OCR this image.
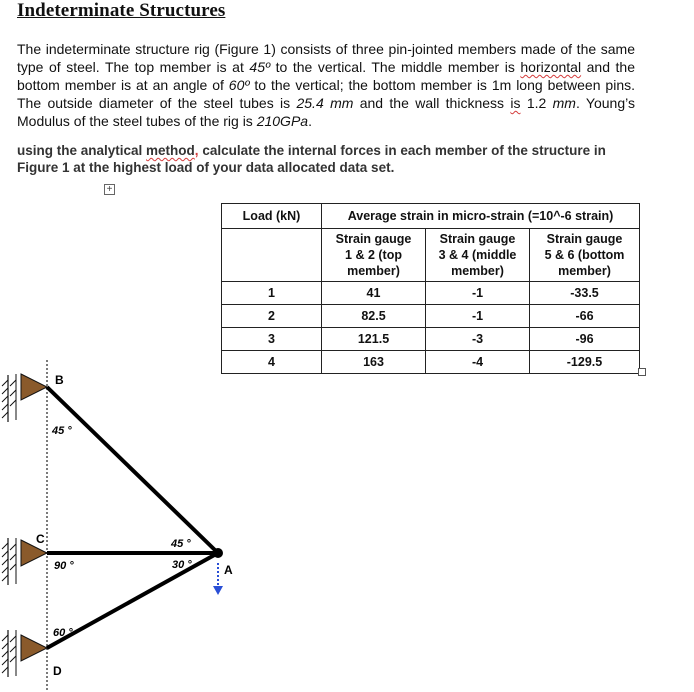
Indeterminate Structures
The indeterminate structure rig (Figure 1) consists of three pin-jointed members made of the same type of steel. The top member is at 45º to the vertical. The middle member is horizontal and the bottom member is at an angle of 60º to the vertical; the bottom member is 1m long between pins. The outside diameter of the steel tubes is 25.4 mm and the wall thickness is 1.2 mm. Young’s Modulus of the steel tubes of the rig is 210GPa.
using the analytical method, calculate the internal forces in each member of the structure in Figure 1 at the highest load of your data allocated data set.
+
Load (kN)	Average strain in micro-strain (=10^-6 strain)		
	Strain gauge
1 & 2 (top
member)	Strain gauge
3 & 4 (middle
member)	Strain gauge
5 & 6 (bottom
member)
1	41	-1	-33.5
2	82.5	-1	-66
3	121.5	-3	-96
4	163	-4	-129.5
B
C
D
A
45 °
90 °
60 °
45 °
30 °
